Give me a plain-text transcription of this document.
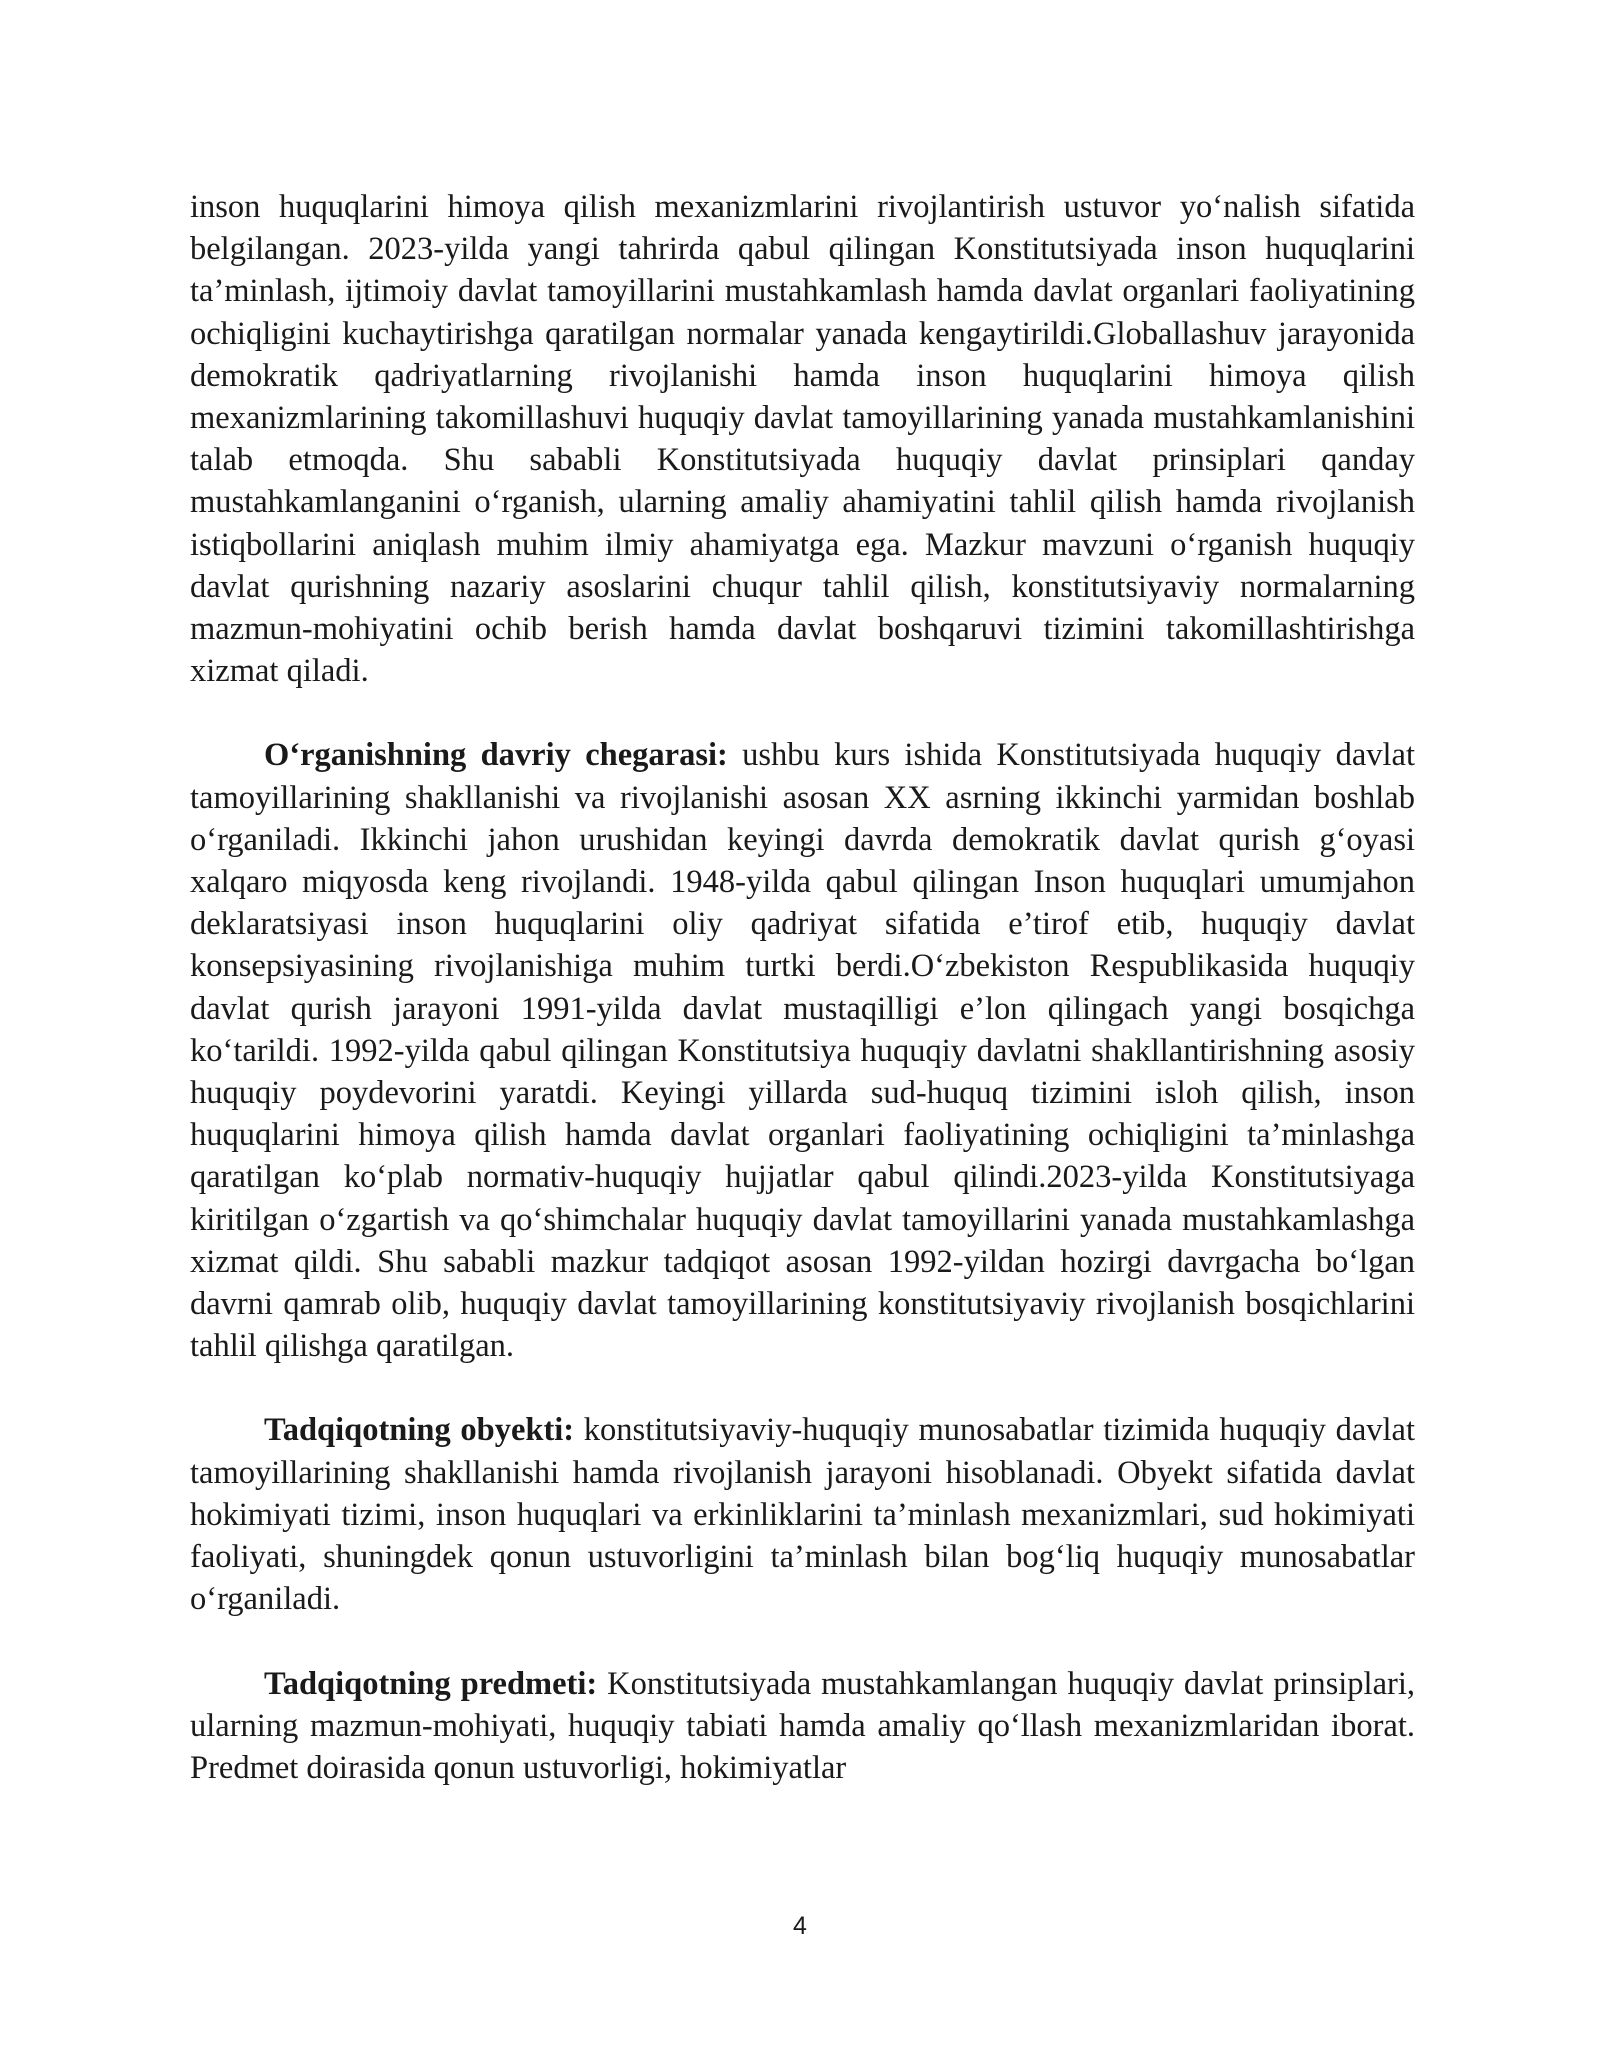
inson huquqlarini himoya qilish mexanizmlarini rivojlantirish ustuvor yo‘nalish sifatida belgilangan. 2023-yilda yangi tahrirda qabul qilingan Konstitutsiyada inson huquqlarini ta’minlash, ijtimoiy davlat tamoyillarini mustahkamlash hamda davlat organlari faoliyatining ochiqligini kuchaytirishga qaratilgan normalar yanada kengaytirildi.Globallashuv jarayonida demokratik qadriyatlarning rivojlanishi hamda inson huquqlarini himoya qilish mexanizmlarining takomillashuvi huquqiy davlat tamoyillarining yanada mustahkamlanishini talab etmoqda. Shu sababli Konstitutsiyada huquqiy davlat prinsiplari qanday mustahkamlanganini o‘rganish, ularning amaliy ahamiyatini tahlil qilish hamda rivojlanish istiqbollarini aniqlash muhim ilmiy ahamiyatga ega. Mazkur mavzuni o‘rganish huquqiy davlat qurishning nazariy asoslarini chuqur tahlil qilish, konstitutsiyaviy normalarning mazmun-mohiyatini ochib berish hamda davlat boshqaruvi tizimini takomillashtirishga xizmat qiladi.

O‘rganishning davriy chegarasi: ushbu kurs ishida Konstitutsiyada huquqiy davlat tamoyillarining shakllanishi va rivojlanishi asosan XX asrning ikkinchi yarmidan boshlab o‘rganiladi. Ikkinchi jahon urushidan keyingi davrda demokratik davlat qurish g‘oyasi xalqaro miqyosda keng rivojlandi. 1948-yilda qabul qilingan Inson huquqlari umumjahon deklaratsiyasi inson huquqlarini oliy qadriyat sifatida e’tirof etib, huquqiy davlat konsepsiyasining rivojlanishiga muhim turtki berdi.O‘zbekiston Respublikasida huquqiy davlat qurish jarayoni 1991-yilda davlat mustaqilligi e’lon qilingach yangi bosqichga ko‘tarildi. 1992-yilda qabul qilingan Konstitutsiya huquqiy davlatni shakllantirishning asosiy huquqiy poydevorini yaratdi. Keyingi yillarda sud-huquq tizimini isloh qilish, inson huquqlarini himoya qilish hamda davlat organlari faoliyatining ochiqligini ta’minlashga qaratilgan ko‘plab normativ-huquqiy hujjatlar qabul qilindi.2023-yilda Konstitutsiyaga kiritilgan o‘zgartish va qo‘shimchalar huquqiy davlat tamoyillarini yanada mustahkamlashga xizmat qildi. Shu sababli mazkur tadqiqot asosan 1992-yildan hozirgi davrgacha bo‘lgan davrni qamrab olib, huquqiy davlat tamoyillarining konstitutsiyaviy rivojlanish bosqichlarini tahlil qilishga qaratilgan.

Tadqiqotning obyekti: konstitutsiyaviy-huquqiy munosabatlar tizimida huquqiy davlat tamoyillarining shakllanishi hamda rivojlanish jarayoni hisoblanadi. Obyekt sifatida davlat hokimiyati tizimi, inson huquqlari va erkinliklarini ta’minlash mexanizmlari, sud hokimiyati faoliyati, shuningdek qonun ustuvorligini ta’minlash bilan bog‘liq huquqiy munosabatlar o‘rganiladi.

Tadqiqotning predmeti: Konstitutsiyada mustahkamlangan huquqiy davlat prinsiplari, ularning mazmun-mohiyati, huquqiy tabiati hamda amaliy qo‘llash mexanizmlaridan iborat. Predmet doirasida qonun ustuvorligi, hokimiyatlar

4
